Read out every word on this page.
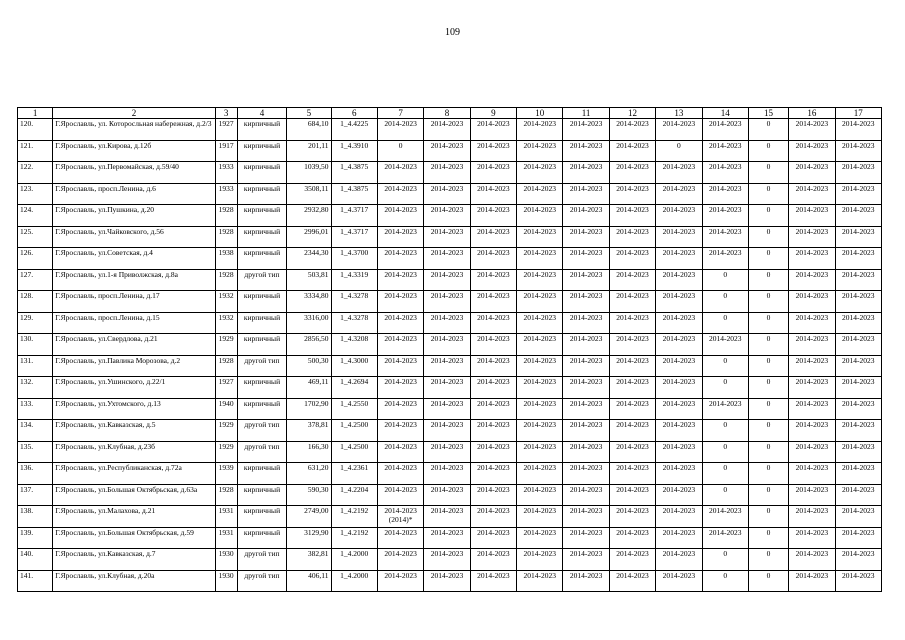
109
1	2	3	4	5	6	7	8	9	10	11	12	13	14	15	16	17
120.	Г.Ярославль, ул. Которосльная набережная, д.2/3	1927	кирпичный	684,10	1_4.4225	2014-2023	2014-2023	2014-2023	2014-2023	2014-2023	2014-2023	2014-2023	2014-2023	0	2014-2023	2014-2023
121.	Г.Ярославль, ул.Кирова, д.12б	1917	кирпичный	201,11	1_4.3910	0	2014-2023	2014-2023	2014-2023	2014-2023	2014-2023	0	2014-2023	0	2014-2023	2014-2023
122.	Г.Ярославль, ул.Первомайская, д.59/40	1933	кирпичный	1039,50	1_4.3875	2014-2023	2014-2023	2014-2023	2014-2023	2014-2023	2014-2023	2014-2023	2014-2023	0	2014-2023	2014-2023
123.	Г.Ярославль, просп.Ленина, д.6	1933	кирпичный	3508,11	1_4.3875	2014-2023	2014-2023	2014-2023	2014-2023	2014-2023	2014-2023	2014-2023	2014-2023	0	2014-2023	2014-2023
124.	Г.Ярославль, ул.Пушкина, д.20	1928	кирпичный	2932,80	1_4.3717	2014-2023	2014-2023	2014-2023	2014-2023	2014-2023	2014-2023	2014-2023	2014-2023	0	2014-2023	2014-2023
125.	Г.Ярославль, ул.Чайковского, д.56	1928	кирпичный	2996,01	1_4.3717	2014-2023	2014-2023	2014-2023	2014-2023	2014-2023	2014-2023	2014-2023	2014-2023	0	2014-2023	2014-2023
126.	Г.Ярославль, ул.Советская, д.4	1938	кирпичный	2344,30	1_4.3700	2014-2023	2014-2023	2014-2023	2014-2023	2014-2023	2014-2023	2014-2023	2014-2023	0	2014-2023	2014-2023
127.	Г.Ярославль, ул.1-я Приволжская, д.8а	1928	другой тип	503,81	1_4.3319	2014-2023	2014-2023	2014-2023	2014-2023	2014-2023	2014-2023	2014-2023	0	0	2014-2023	2014-2023
128.	Г.Ярославль, просп.Ленина, д.17	1932	кирпичный	3334,80	1_4.3278	2014-2023	2014-2023	2014-2023	2014-2023	2014-2023	2014-2023	2014-2023	0	0	2014-2023	2014-2023
129.	Г.Ярославль, просп.Ленина, д.15	1932	кирпичный	3316,00	1_4.3278	2014-2023	2014-2023	2014-2023	2014-2023	2014-2023	2014-2023	2014-2023	0	0	2014-2023	2014-2023
130.	Г.Ярославль, ул.Свердлова, д.21	1929	кирпичный	2856,50	1_4.3208	2014-2023	2014-2023	2014-2023	2014-2023	2014-2023	2014-2023	2014-2023	2014-2023	0	2014-2023	2014-2023
131.	Г.Ярославль, ул.Павлика Морозова, д.2	1928	другой тип	500,30	1_4.3000	2014-2023	2014-2023	2014-2023	2014-2023	2014-2023	2014-2023	2014-2023	0	0	2014-2023	2014-2023
132.	Г.Ярославль, ул.Ушинского, д.22/1	1927	кирпичный	469,11	1_4.2694	2014-2023	2014-2023	2014-2023	2014-2023	2014-2023	2014-2023	2014-2023	0	0	2014-2023	2014-2023
133.	Г.Ярославль, ул.Ухтомского, д.13	1940	кирпичный	1702,90	1_4.2550	2014-2023	2014-2023	2014-2023	2014-2023	2014-2023	2014-2023	2014-2023	2014-2023	0	2014-2023	2014-2023
134.	Г.Ярославль, ул.Кавказская, д.5	1929	другой тип	378,81	1_4.2500	2014-2023	2014-2023	2014-2023	2014-2023	2014-2023	2014-2023	2014-2023	0	0	2014-2023	2014-2023
135.	Г.Ярославль, ул.Клубная, д.23б	1929	другой тип	166,30	1_4.2500	2014-2023	2014-2023	2014-2023	2014-2023	2014-2023	2014-2023	2014-2023	0	0	2014-2023	2014-2023
136.	Г.Ярославль, ул.Республиканская, д.72а	1939	кирпичный	631,20	1_4.2361	2014-2023	2014-2023	2014-2023	2014-2023	2014-2023	2014-2023	2014-2023	0	0	2014-2023	2014-2023
137.	Г.Ярославль, ул.Большая Октябрьская, д.63а	1928	кирпичный	590,30	1_4.2204	2014-2023	2014-2023	2014-2023	2014-2023	2014-2023	2014-2023	2014-2023	0	0	2014-2023	2014-2023
138.	Г.Ярославль, ул.Малахова, д.21	1931	кирпичный	2749,00	1_4.2192	2014-2023 (2014)*	2014-2023	2014-2023	2014-2023	2014-2023	2014-2023	2014-2023	2014-2023	0	2014-2023	2014-2023
139.	Г.Ярославль, ул.Большая Октябрьская, д.59	1931	кирпичный	3129,90	1_4.2192	2014-2023	2014-2023	2014-2023	2014-2023	2014-2023	2014-2023	2014-2023	2014-2023	0	2014-2023	2014-2023
140.	Г.Ярославль, ул.Кавказская, д.7	1930	другой тип	382,81	1_4.2000	2014-2023	2014-2023	2014-2023	2014-2023	2014-2023	2014-2023	2014-2023	0	0	2014-2023	2014-2023
141.	Г.Ярославль, ул.Клубная, д.20а	1930	другой тип	406,11	1_4.2000	2014-2023	2014-2023	2014-2023	2014-2023	2014-2023	2014-2023	2014-2023	0	0	2014-2023	2014-2023
